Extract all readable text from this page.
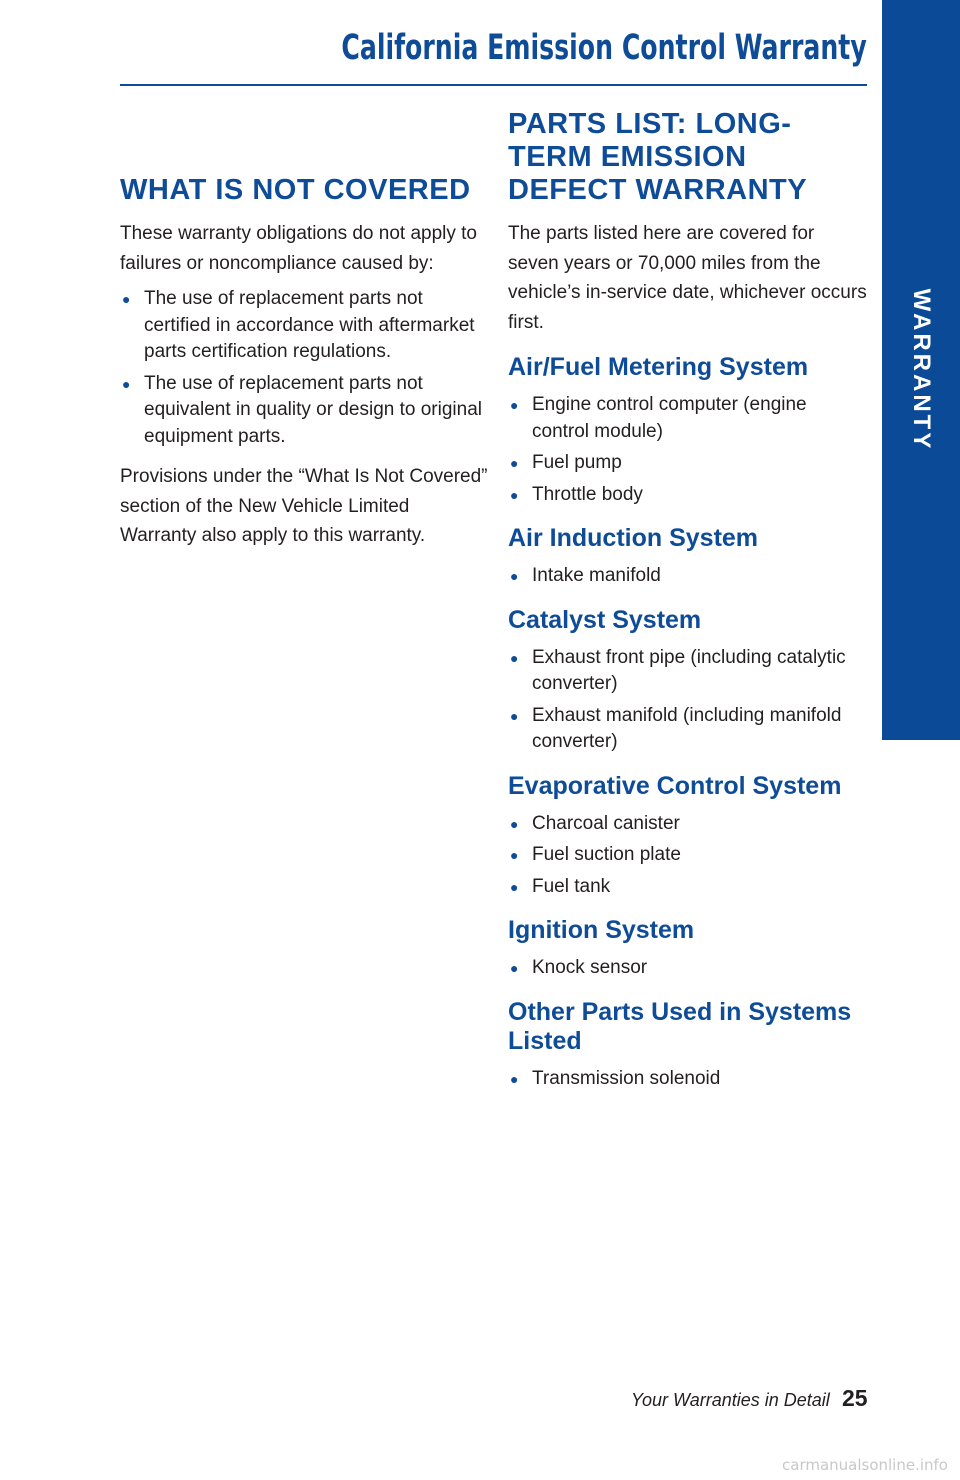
California Emission Control Warranty
WARRANTY
WHAT IS NOT COVERED

These warranty obligations do not apply to failures or noncompliance caused by:

● The use of replacement parts not certified in accordance with aftermarket parts certification regulations.
● The use of replacement parts not equivalent in quality or design to original equipment parts.

Provisions under the “What Is Not Covered” section of the New Vehicle Limited Warranty also apply to this warranty.

PARTS LIST: LONG-TERM EMISSION DEFECT WARRANTY

The parts listed here are covered for seven years or 70,000 miles from the vehicle’s in-service date, whichever occurs first.

Air/Fuel Metering System
● Engine control computer (engine control module)
● Fuel pump
● Throttle body
Air Induction System
● Intake manifold
Catalyst System
● Exhaust front pipe (including catalytic converter)
● Exhaust manifold (including manifold converter)
Evaporative Control System
● Charcoal canister
● Fuel suction plate
● Fuel tank
Ignition System
● Knock sensor
Other Parts Used in Systems Listed
● Transmission solenoid
Your Warranties in Detail 25
carmanualsonline.info
